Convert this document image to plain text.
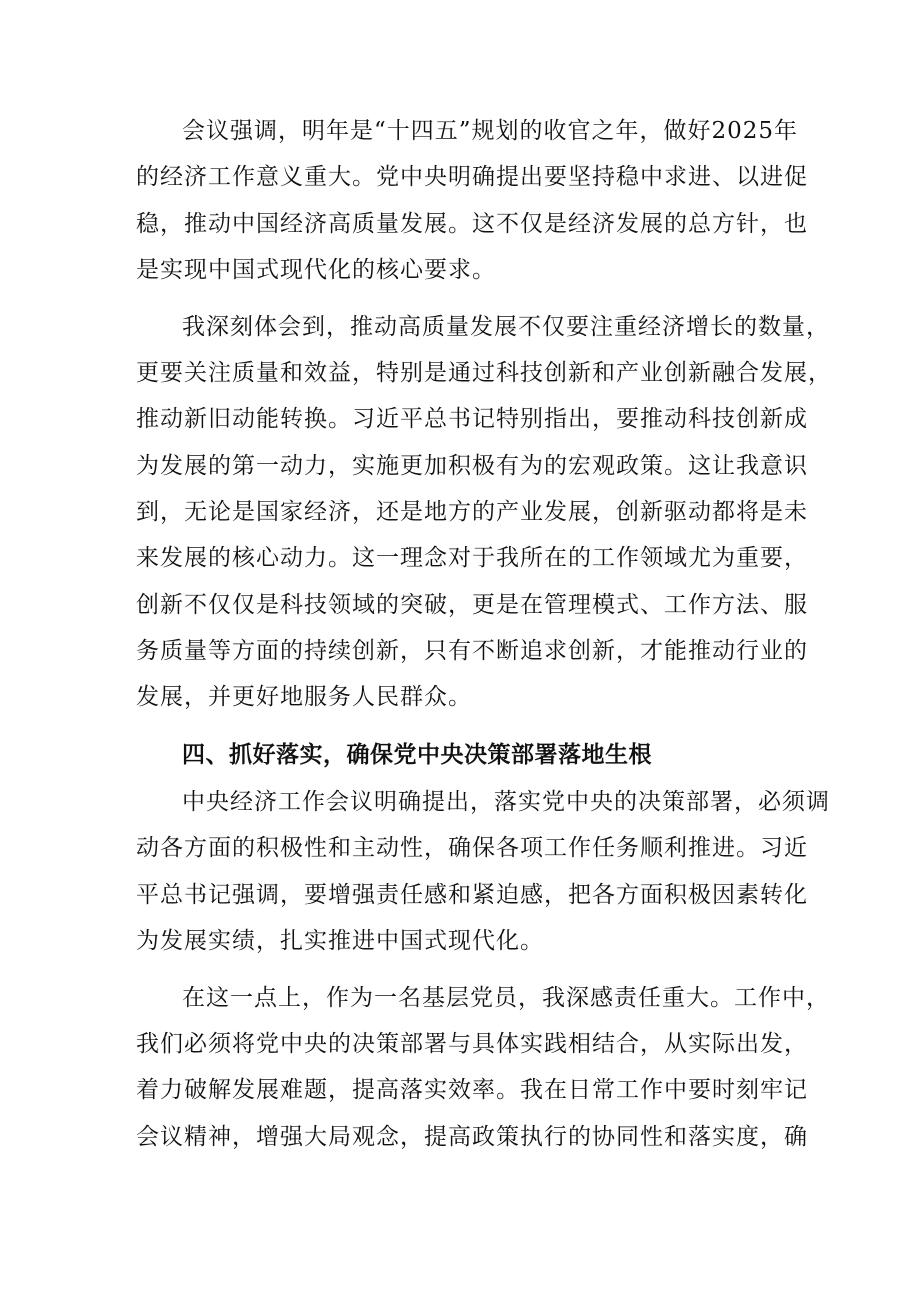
会议强调，明年是“十四五”规划的收官之年，做好2025年
的经济工作意义重大。党中央明确提出要坚持稳中求进、以进促
稳，推动中国经济高质量发展。这不仅是经济发展的总方针，也
是实现中国式现代化的核心要求。
我深刻体会到，推动高质量发展不仅要注重经济增长的数量，
更要关注质量和效益，特别是通过科技创新和产业创新融合发展，
推动新旧动能转换。习近平总书记特别指出，要推动科技创新成
为发展的第一动力，实施更加积极有为的宏观政策。这让我意识
到，无论是国家经济，还是地方的产业发展，创新驱动都将是未
来发展的核心动力。这一理念对于我所在的工作领域尤为重要，
创新不仅仅是科技领域的突破，更是在管理模式、工作方法、服
务质量等方面的持续创新，只有不断追求创新，才能推动行业的
发展，并更好地服务人民群众。
四、抓好落实，确保党中央决策部署落地生根
中央经济工作会议明确提出，落实党中央的决策部署，必须调
动各方面的积极性和主动性，确保各项工作任务顺利推进。习近
平总书记强调，要增强责任感和紧迫感，把各方面积极因素转化
为发展实绩，扎实推进中国式现代化。
在这一点上，作为一名基层党员，我深感责任重大。工作中，
我们必须将党中央的决策部署与具体实践相结合，从实际出发，
着力破解发展难题，提高落实效率。我在日常工作中要时刻牢记
会议精神，增强大局观念，提高政策执行的协同性和落实度，确
